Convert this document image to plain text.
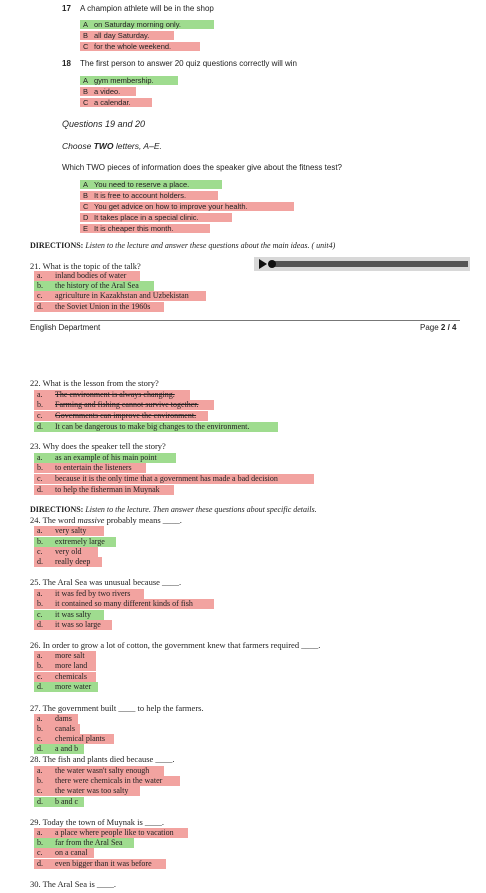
17 A champion athlete will be in the shop
A on Saturday morning only.
B all day Saturday.
C for the whole weekend.
18 The first person to answer 20 quiz questions correctly will win
A gym membership.
B a video.
C a calendar.
Questions 19 and 20
Choose TWO letters, A–E.
Which TWO pieces of information does the speaker give about the fitness test?
A You need to reserve a place.
B It is free to account holders.
C You get advice on how to improve your health.
D It takes place in a special clinic.
E It is cheaper this month.
DIRECTIONS: Listen to the lecture and answer these questions about the main ideas. ( unit4)
21. What is the topic of the talk?
a. inland bodies of water
b. the history of the Aral Sea
c. agriculture in Kazakhstan and Uzbekistan
d. the Soviet Union in the 1960s
English Department	Page 2 / 4
22. What is the lesson from the story?
a. The environment is always changing.
b. Farming and fishing cannot survive together.
c. Governments can improve the environment.
d. It can be dangerous to make big changes to the environment.
23. Why does the speaker tell the story?
a. as an example of his main point
b. to entertain the listeners
c. because it is the only time that a government has made a bad decision
d. to help the fisherman in Muynak
DIRECTIONS: Listen to the lecture. Then answer these questions about specific details.
24. The word massive probably means ____.
a. very salty
b. extremely large
c. very old
d. really deep
25. The Aral Sea was unusual because ____.
a. it was fed by two rivers
b. it contained so many different kinds of fish
c. it was salty
d. it was so large
26. In order to grow a lot of cotton, the government knew that farmers required ____.
a. more salt
b. more land
c. chemicals
d. more water
27. The government built ____ to help the farmers.
a. dams
b. canals
c. chemical plants
d. a and b
28. The fish and plants died because ____.
a. the water wasn't salty enough
b. there were chemicals in the water
c. the water was too salty
d. b and c
29. Today the town of Muynak is ____.
a. a place where people like to vacation
b. far from the Aral Sea
c. on a canal
d. even bigger than it was before
30. The Aral Sea is ____.
